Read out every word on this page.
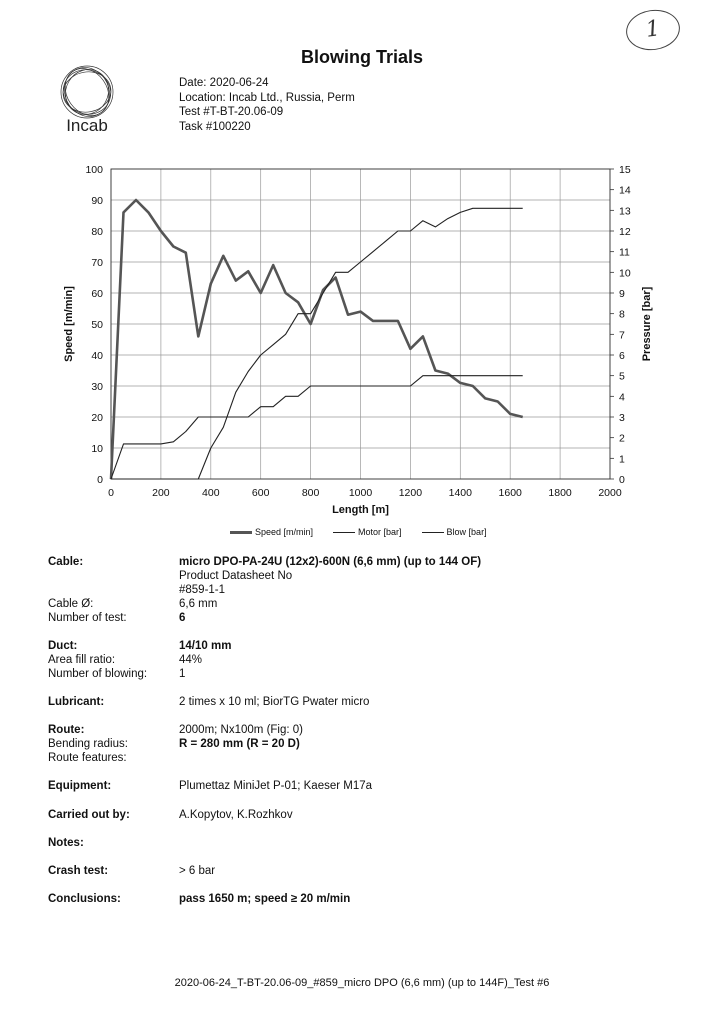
Blowing Trials
1
Incab
Date: 2020-06-24
Location: Incab Ltd., Russia, Perm
Test #T-BT-20.06-09
Task #100220
0
10
20
30
40
50
60
70
80
90
100
0	200	400	600	800	1000	1200	1400	1600	1800	2000
0
1
2
3
4
5
6
7
8
9
10
11
12
13
14
15
Length [m]
Speed [m/min]	Pressure [bar]
Speed [m/min]	Motor [bar]	Blow [bar]
Cable:	micro DPO-PA-24U (12x2)-600N (6,6 mm) (up to 144 OF)
Product Datasheet No
#859-1-1
Cable Ø:	6,6 mm
Number of test:	6
Duct:	14/10 mm
Area fill ratio:	44%
Number of blowing:	1
Lubricant:	2 times x 10 ml; BiorTG Pwater micro
Route:	2000m; Nx100m (Fig: 0)
Bending radius:	R = 280 mm (R = 20 D)
Route features:
Equipment:	Plumettaz MiniJet P-01; Kaeser M17a
Carried out by:	A.Kopytov, K.Rozhkov
Notes:
Crash test:	> 6 bar
Conclusions:	pass 1650 m; speed ≥ 20 m/min
2020-06-24_T-BT-20.06-09_#859_micro DPO (6,6 mm) (up to 144F)_Test #6
